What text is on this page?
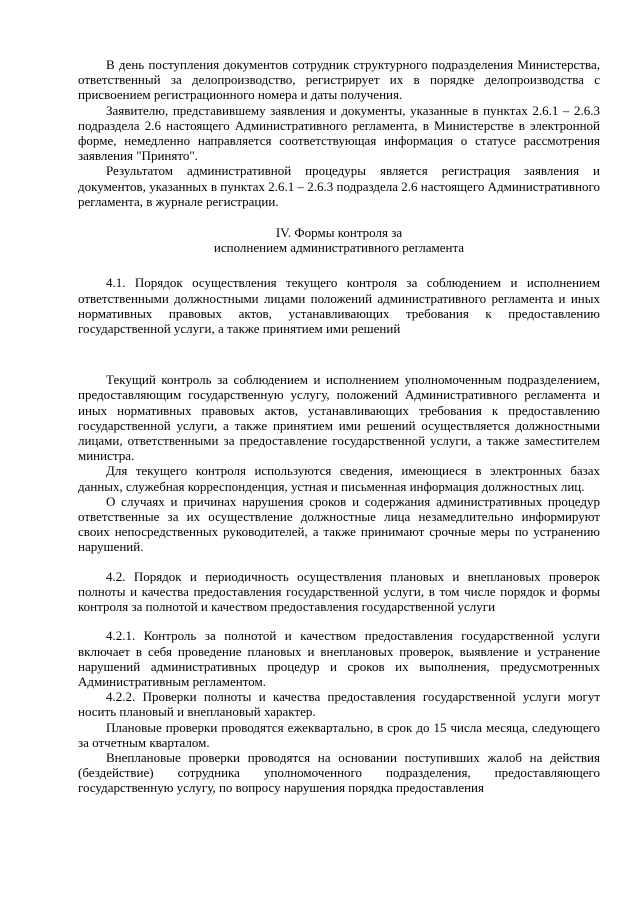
В день поступления документов сотрудник структурного подразделения Министерства, ответственный за делопроизводство, регистрирует их в порядке делопроизводства с присвоением регистрационного номера и даты получения.

Заявителю, представившему заявления и документы, указанные в пунктах 2.6.1 – 2.6.3 подраздела 2.6 настоящего Административного регламента, в Министерстве в электронной форме, немедленно направляется соответствующая информация о статусе рассмотрения заявления "Принято".

Результатом административной процедуры является регистрация заявления и документов, указанных в пунктах 2.6.1 – 2.6.3 подраздела 2.6 настоящего Административного регламента, в журнале регистрации.

IV. Формы контроля за

исполнением административного регламента

4.1. Порядок осуществления текущего контроля за соблюдением и исполнением ответственными должностными лицами положений административного регламента и иных нормативных правовых актов, устанавливающих требования к предоставлению государственной услуги, а также принятием ими решений

Текущий контроль за соблюдением и исполнением уполномоченным подразделением, предоставляющим государственную услугу, положений Административного регламента и иных нормативных правовых актов, устанавливающих требования к предоставлению государственной услуги, а также принятием ими решений осуществляется должностными лицами, ответственными за предоставление государственной услуги, а также заместителем министра.

Для текущего контроля используются сведения, имеющиеся в электронных базах данных, служебная корреспонденция, устная и письменная информация должностных лиц.

О случаях и причинах нарушения сроков и содержания административных процедур ответственные за их осуществление должностные лица незамедлительно информируют своих непосредственных руководителей, а также принимают срочные меры по устранению нарушений.

4.2. Порядок и периодичность осуществления плановых и внеплановых проверок полноты и качества предоставления государственной услуги, в том числе порядок и формы контроля за полнотой и качеством предоставления государственной услуги

4.2.1. Контроль за полнотой и качеством предоставления государственной услуги включает в себя проведение плановых и внеплановых проверок, выявление и устранение нарушений административных процедур и сроков их выполнения, предусмотренных Административным регламентом.

4.2.2. Проверки полноты и качества предоставления государственной услуги могут носить плановый и внеплановый характер.

Плановые проверки проводятся ежеквартально, в срок до 15 числа месяца, следующего за отчетным кварталом.

Внеплановые проверки проводятся на основании поступивших жалоб на действия (бездействие) сотрудника уполномоченного подразделения, предоставляющего государственную услугу, по вопросу нарушения порядка предоставления
